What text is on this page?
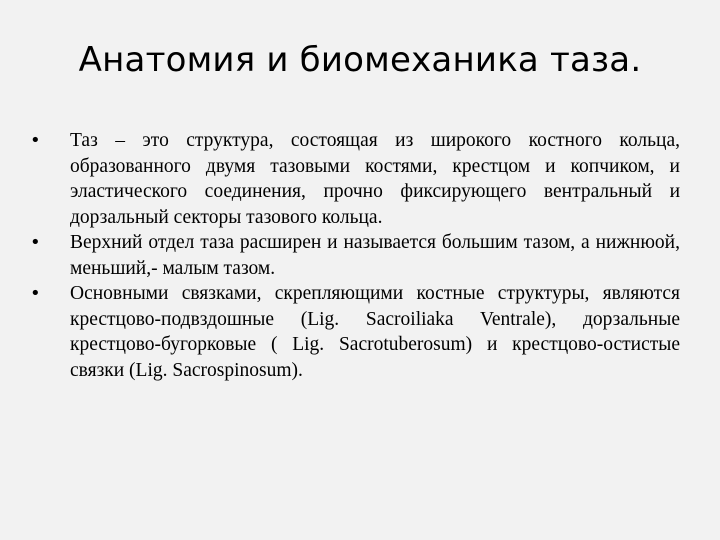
Анатомия и биомеханика таза.
• Таз – это структура, состоящая из широкого костного кольца, образованного двумя тазовыми костями, крестцом и копчиком, и эластического соединения, прочно фиксирующего вентральный и дорзальный секторы тазового кольца.
• Верхний отдел таза расширен и называется большим тазом, а нижнюой, меньший,- малым тазом.
• Основными связками, скрепляющими костные структуры, являются крестцово-подвздошные (Lig. Sacroiliaka Ventrale), дорзальные крестцово-бугорковые ( Lig. Sacrotuberosum) и крестцово-остистые связки (Lig. Sacrospinosum).
